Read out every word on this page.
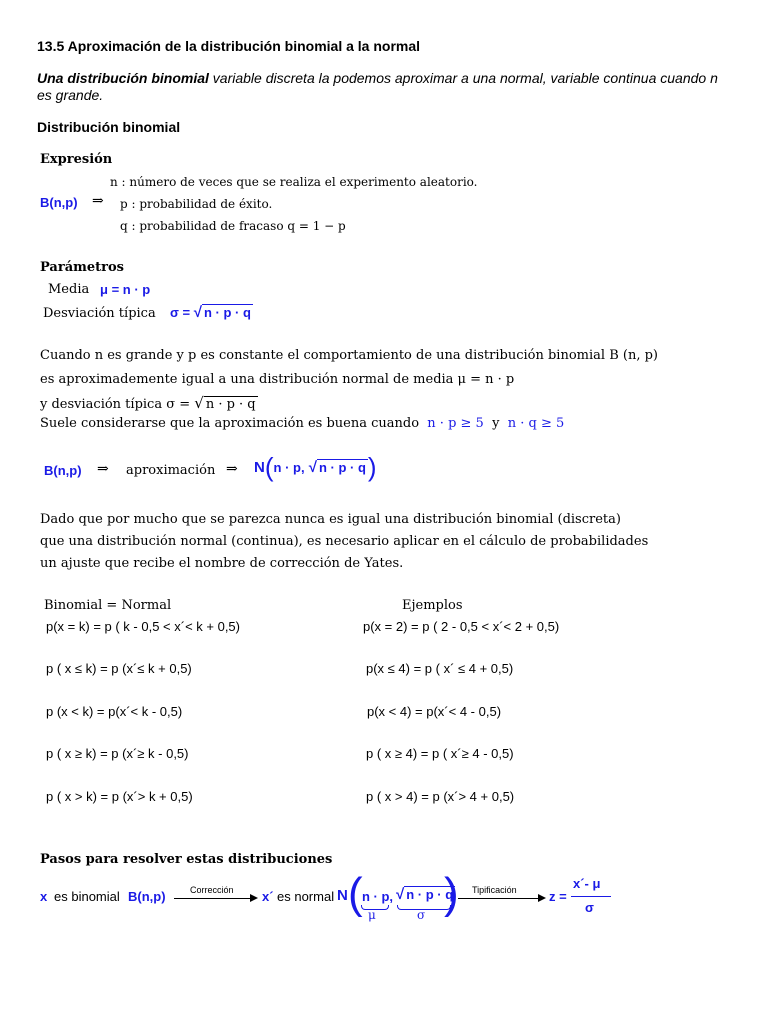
13.5 Aproximación de la distribución binomial a la normal
Una distribución binomial variable discreta la podemos aproximar a una normal, variable continua cuando n es grande.
Distribución binomial
Expresión
n : número de veces que se realiza el experimento aleatorio.
B(n,p) ⇒ p : probabilidad de éxito.
q : probabilidad de fracaso q = 1 − p
Parámetros
Media μ = n · p
Desviación típica σ = √ n · p · q
Cuando n es grande y p es constante el comportamiento de una distribución binomial B (n, p)
es aproximademente igual a una distribución normal de media μ = n · p
y desviación típica σ = √ n · p · q
Suele considerarse que la aproximación es buena cuando n · p ≥ 5 y n · q ≥ 5
B(n,p) ⇒ aproximación ⇒ N(n · p, √ n · p · q)
Dado que por mucho que se parezca nunca es igual una distribución binomial (discreta)
que una distribución normal (continua), es necesario aplicar en el cálculo de probabilidades
un ajuste que recibe el nombre de corrección de Yates.
Binomial = Normal	Ejemplos
p(x = k) = p ( k - 0,5 < x´< k + 0,5)	p(x = 2) = p ( 2 - 0,5 < x´< 2 + 0,5)
p ( x ≤ k) = p (x´≤ k + 0,5)	p(x ≤ 4) = p ( x´ ≤ 4 + 0,5)
p (x < k) = p(x´< k - 0,5)	p(x < 4) = p(x´< 4 - 0,5)
p ( x ≥ k) = p (x´≥ k - 0,5)	p ( x ≥ 4) = p ( x´≥ 4 - 0,5)
p ( x > k) = p (x´> k + 0,5)	p ( x > 4) = p (x´> 4 + 0,5)
Pasos para resolver estas distribuciones
x es binomial B(n,p)	Corrección x´ es normal N ( n · p, √ n · p · q
)
μ	σ
Tipificación z =
x´- μ
σ
